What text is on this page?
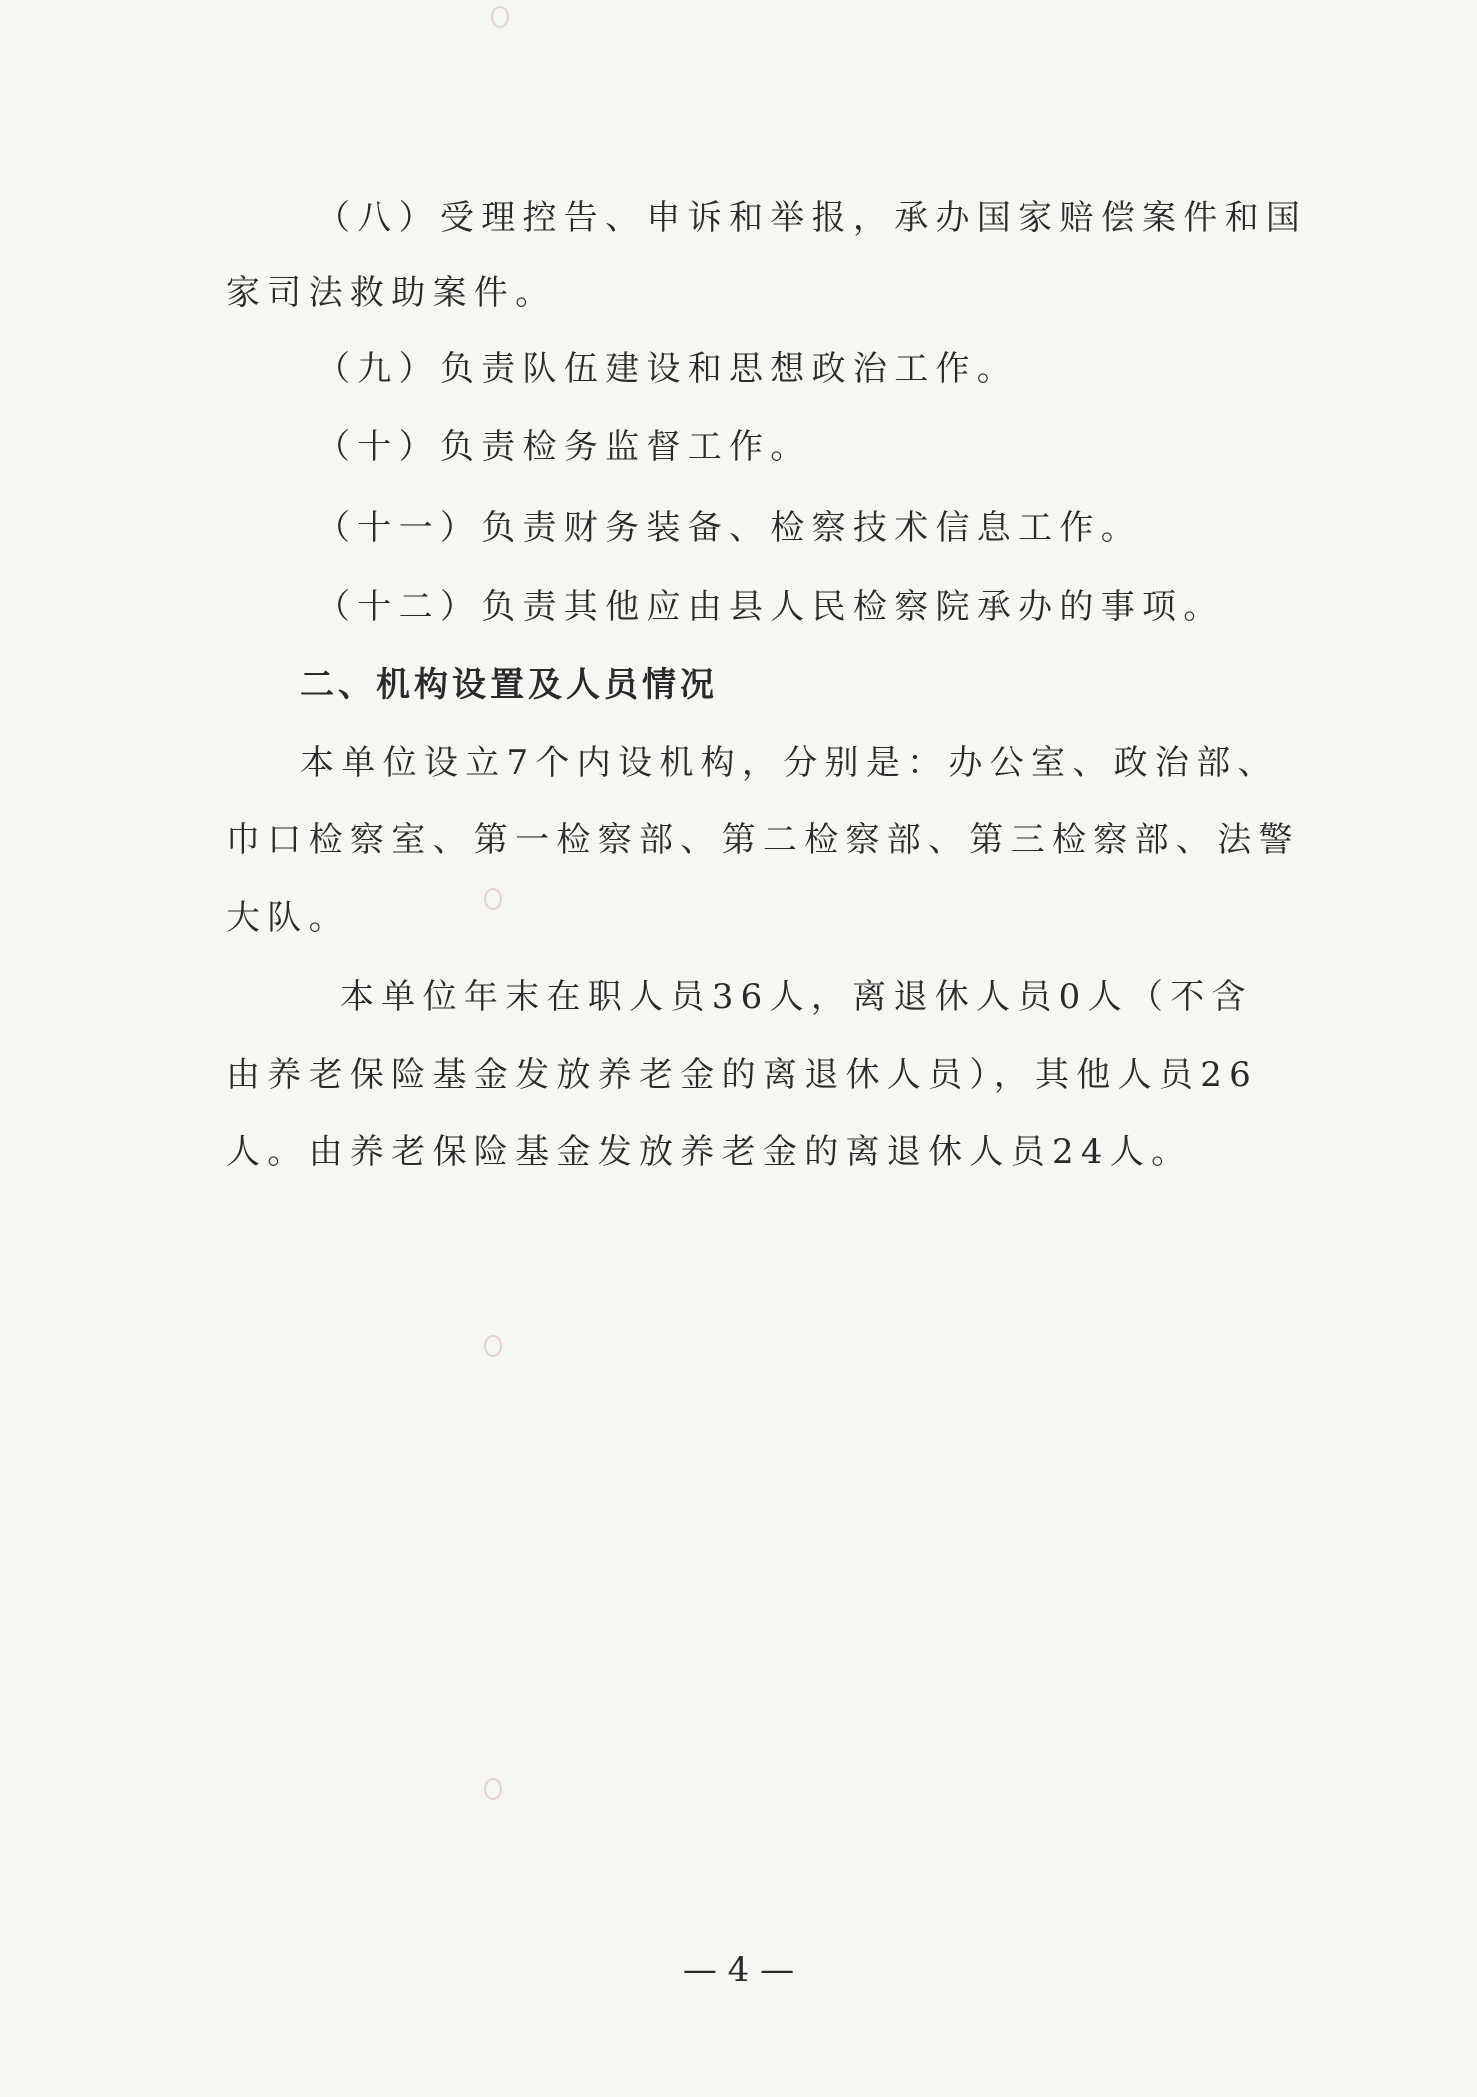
（八）受理控告、申诉和举报，承办国家赔偿案件和国
家司法救助案件。
（九）负责队伍建设和思想政治工作。
（十）负责检务监督工作。
（十一）负责财务装备、检察技术信息工作。
（十二）负责其他应由县人民检察院承办的事项。
二、机构设置及人员情况
本单位设立7个内设机构，分别是：办公室、政治部、
巾口检察室、第一检察部、第二检察部、第三检察部、法警
大队。
本单位年末在职人员36人，离退休人员0人（不含
由养老保险基金发放养老金的离退休人员），其他人员26
人。由养老保险基金发放养老金的离退休人员24人。
— 4 —
